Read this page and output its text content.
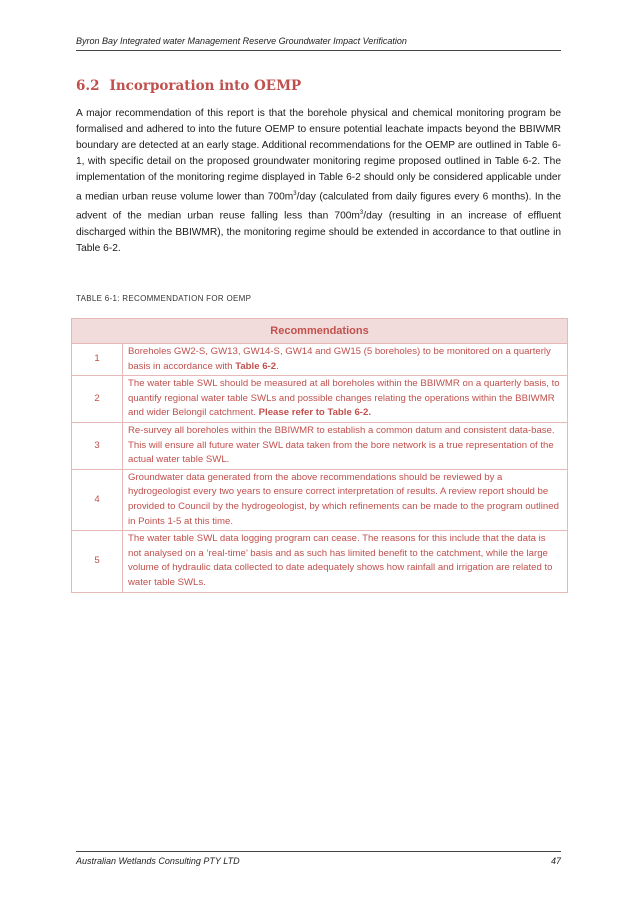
Byron Bay Integrated water Management Reserve Groundwater Impact Verification
6.2 Incorporation into OEMP
A major recommendation of this report is that the borehole physical and chemical monitoring program be formalised and adhered to into the future OEMP to ensure potential leachate impacts beyond the BBIWMR boundary are detected at an early stage. Additional recommendations for the OEMP are outlined in Table 6-1, with specific detail on the proposed groundwater monitoring regime proposed outlined in Table 6-2. The implementation of the monitoring regime displayed in Table 6-2 should only be considered applicable under a median urban reuse volume lower than $700m^3$/day (calculated from daily figures every 6 months). In the advent of the median urban reuse falling less than $700m^3$/day (resulting in an increase of effluent discharged within the BBIWMR), the monitoring regime should be extended in accordance to that outline in Table 6-2.
TABLE 6-1: RECOMMENDATION FOR OEMP
Recommendations	
1	Boreholes GW2-S, GW13, GW14-S, GW14 and GW15 (5 boreholes) to be monitored on a quarterly basis in accordance with Table 6-2.
2	The water table SWL should be measured at all boreholes within the BBIWMR on a quarterly basis, to quantify regional water table SWLs and possible changes relating the operations within the BBIWMR and wider Belongil catchment. Please refer to Table 6-2.
3	Re-survey all boreholes within the BBIWMR to establish a common datum and consistent data-base. This will ensure all future water SWL data taken from the bore network is a true representation of the actual water table SWL.
4	Groundwater data generated from the above recommendations should be reviewed by a hydrogeologist every two years to ensure correct interpretation of results. A review report should be provided to Council by the hydrogeologist, by which refinements can be made to the program outlined in Points 1-5 at this time.
5	The water table SWL data logging program can cease. The reasons for this include that the data is not analysed on a ‘real-time’ basis and as such has limited benefit to the catchment, while the large volume of hydraulic data collected to date adequately shows how rainfall and irrigation are related to water table SWLs.
Australian Wetlands Consulting PTY LTD	47
